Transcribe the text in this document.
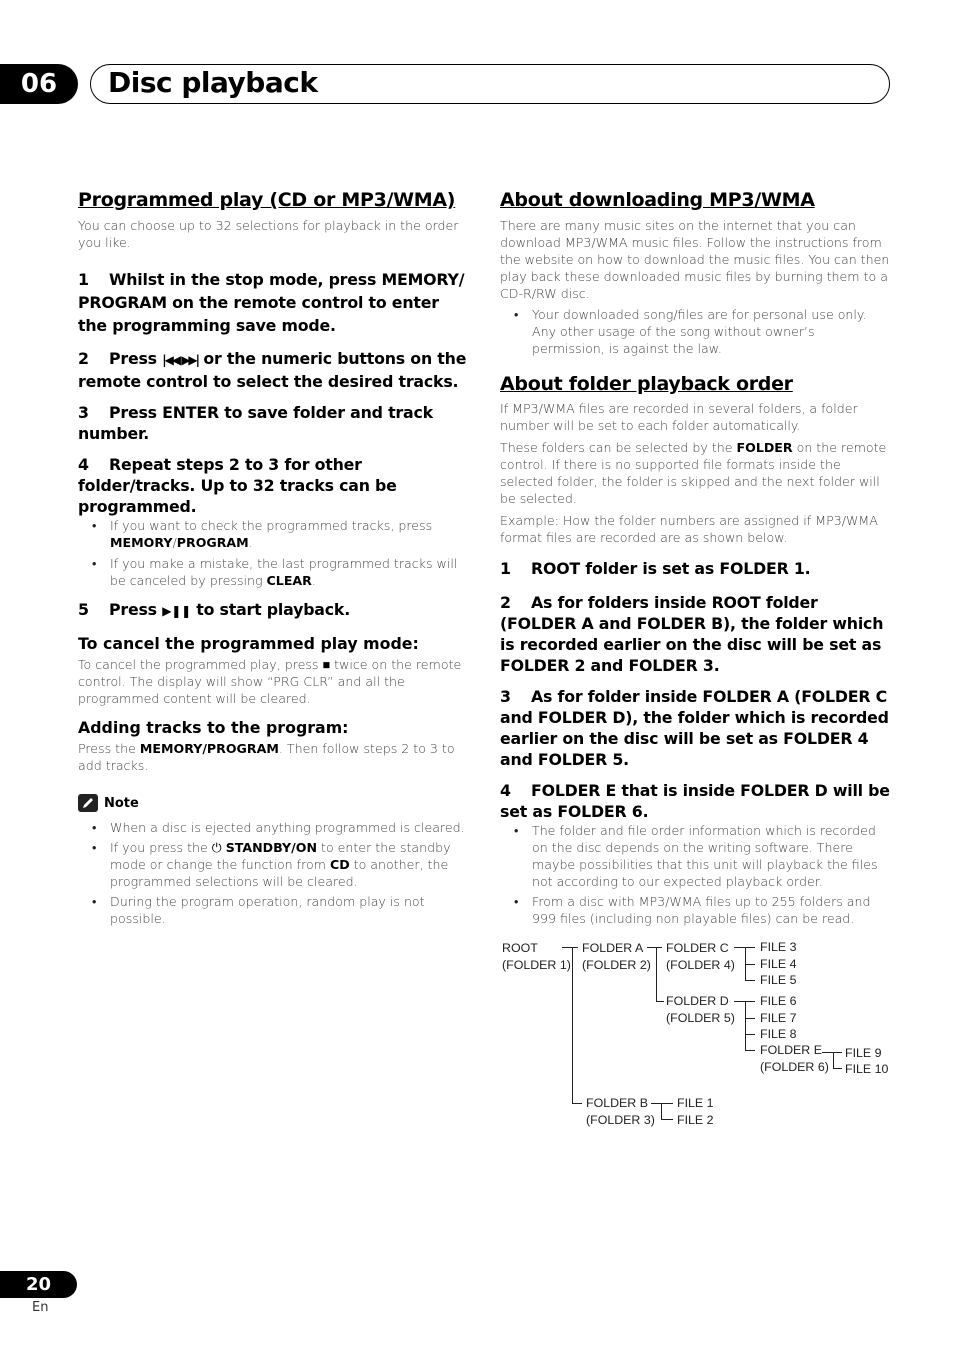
06	Disc playback
Programmed play (CD or MP3/WMA)

You can choose up to 32 selections for playback in the order you like.

1 Whilst in the stop mode, press MEMORY/ PROGRAM on the remote control to enter the programming save mode.

2 Press |◀◀ ▶▶| or the numeric buttons on the remote control to select the desired tracks.

3 Press ENTER to save folder and track number.

4 Repeat steps 2 to 3 for other folder/tracks. Up to 32 tracks can be programmed.

• If you want to check the programmed tracks, press MEMORY/PROGRAM.
• If you make a mistake, the last programmed tracks will be canceled by pressing CLEAR.

5 Press ▶❚❚ to start playback.

To cancel the programmed play mode:

To cancel the programmed play, press ■ twice on the remote control. The display will show “PRG CLR” and all the programmed content will be cleared.

Adding tracks to the program:

Press the MEMORY/PROGRAM. Then follow steps 2 to 3 to add tracks.

Note
• When a disc is ejected anything programmed is cleared.
• If you press the ⏻ STANDBY/ON to enter the standby mode or change the function from CD to another, the programmed selections will be cleared.
• During the program operation, random play is not possible.
About downloading MP3/WMA

There are many music sites on the internet that you can download MP3/WMA music files. Follow the instructions from the website on how to download the music files. You can then play back these downloaded music files by burning them to a CD-R/RW disc.

• Your downloaded song/files are for personal use only. Any other usage of the song without owner’s permission, is against the law.
About folder playback order

If MP3/WMA files are recorded in several folders, a folder number will be set to each folder automatically.

These folders can be selected by the FOLDER on the remote control. If there is no supported file formats inside the selected folder, the folder is skipped and the next folder will be selected.

Example: How the folder numbers are assigned if MP3/WMA format files are recorded are as shown below.

1 ROOT folder is set as FOLDER 1.

2 As for folders inside ROOT folder (FOLDER A and FOLDER B), the folder which is recorded earlier on the disc will be set as FOLDER 2 and FOLDER 3.

3 As for folder inside FOLDER A (FOLDER C and FOLDER D), the folder which is recorded earlier on the disc will be set as FOLDER 4 and FOLDER 5.

4 FOLDER E that is inside FOLDER D will be set as FOLDER 6.

• The folder and file order information which is recorded on the disc depends on the writing software. There maybe possibilities that this unit will playback the files not according to our expected playback order.
• From a disc with MP3/WMA files up to 255 folders and 999 files (including non playable files) can be read.
ROOT
(FOLDER 1)
FOLDER A
(FOLDER 2)
FOLDER C
(FOLDER 4)
FILE 3
FILE 4
FILE 5
FOLDER D
(FOLDER 5)
FILE 6
FILE 7
FILE 8
FOLDER E
(FOLDER 6)
FILE 9
FILE 10
FOLDER B
(FOLDER 3)
FILE 1
FILE 2
20
En
